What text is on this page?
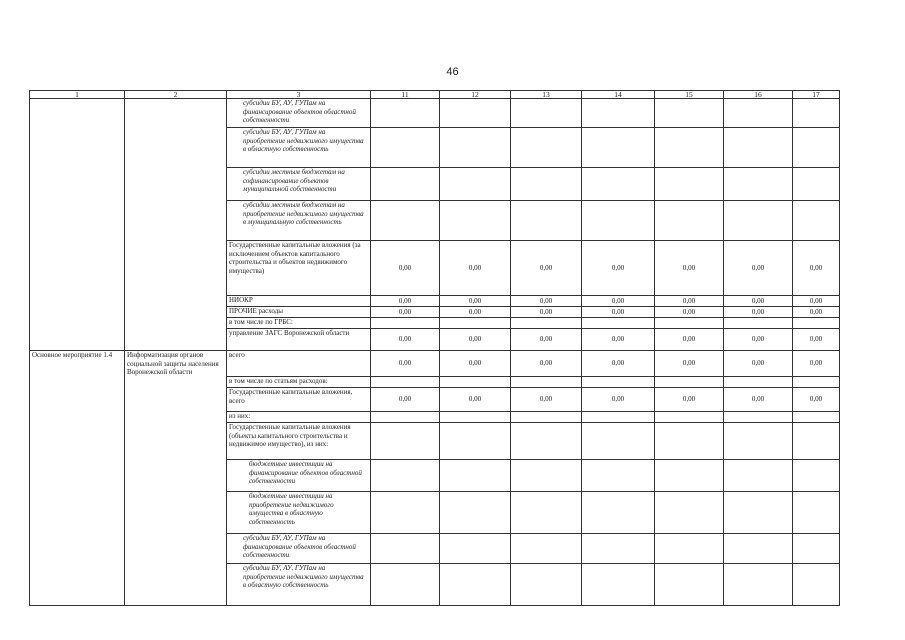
46
1	2	3	11	12	13	14	15	16	17
		субсидии БУ, АУ, ГУПам на финансирование объектов областной собственности							
		субсидии БУ, АУ, ГУПам на приобретение недвижимого имущества в областную собственность							
		субсидии местным бюджетам на софинансирование объектов муниципальной собственности							
		субсидии местным бюджетам на приобретение недвижимого имущества в муниципальную собственность							
		Государственные капитальные вложения (за исключением объектов капитального строительства и объектов недвижимого имущества)	0,00	0,00	0,00	0,00	0,00	0,00	0,00
		НИОКР	0,00	0,00	0,00	0,00	0,00	0,00	0,00
		ПРОЧИЕ расходы	0,00	0,00	0,00	0,00	0,00	0,00	0,00
		в том числе по ГРБС:							
		управление ЗАГС Воронежской области	0,00	0,00	0,00	0,00	0,00	0,00	0,00
Основное мероприятие 1.4	Информатизация органов социальной защиты населения Воронежской области	всего	0,00	0,00	0,00	0,00	0,00	0,00	0,00
		в том числе по статьям расходов:							
		Государственные капитальные вложения, всего	0,00	0,00	0,00	0,00	0,00	0,00	0,00
		из них:							
		Государственные капитальные вложения (объекты капитального строительства и недвижимое имущество), из них:							
		бюджетные инвестиции на финансирование объектов областной собственности							
		бюджетные инвестиции на приобретение недвижимого имущества в областную собственность							
		субсидии БУ, АУ, ГУПам на финансирование объектов областной собственности							
		субсидии БУ, АУ, ГУПам на приобретение недвижимого имущества в областную собственность							
